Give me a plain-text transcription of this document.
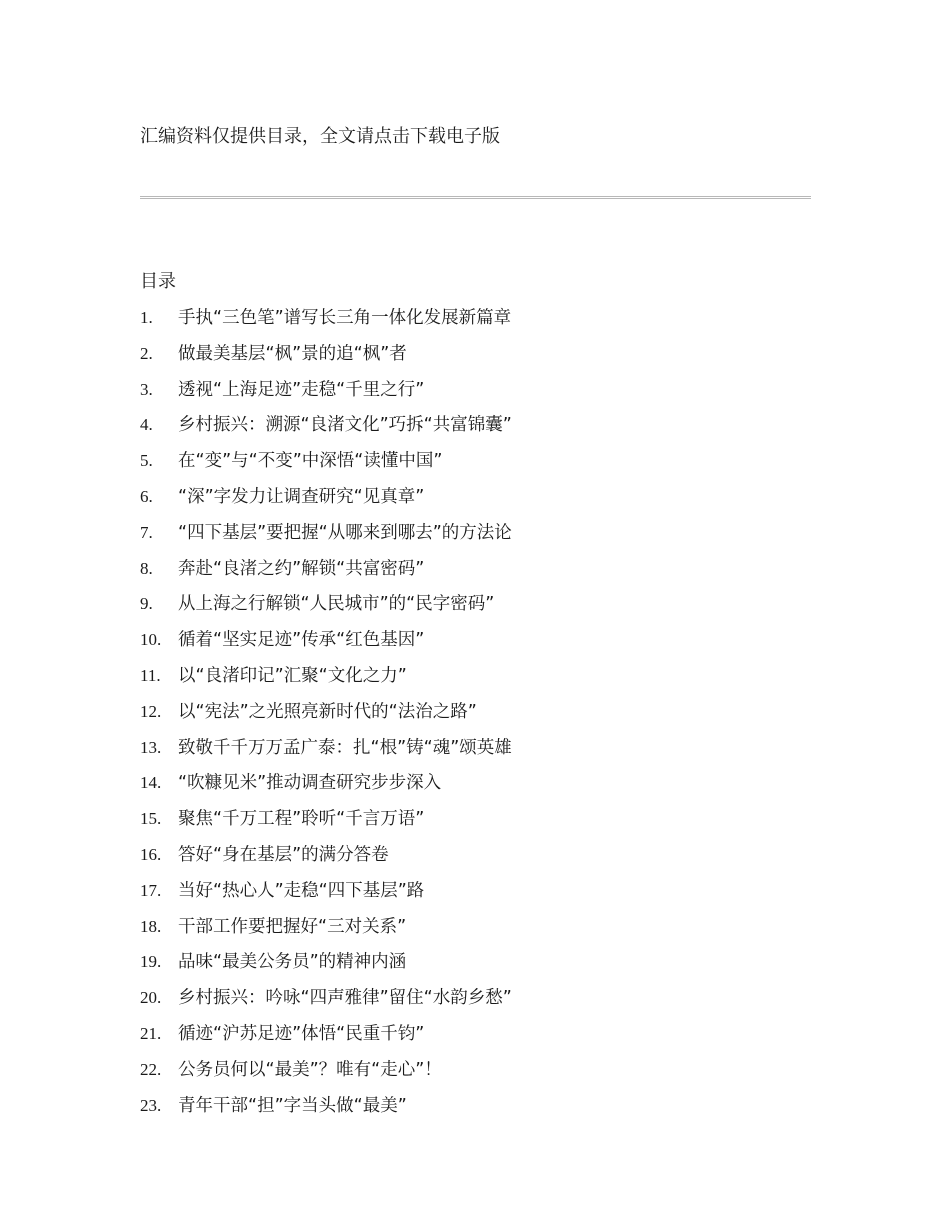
汇编资料仅提供目录，全文请点击下载电子版
目录
1.	手执“三色笔”谱写长三角一体化发展新篇章
2.	做最美基层“枫”景的追“枫”者
3.	透视“上海足迹”走稳“千里之行”
4.	乡村振兴：溯源“良渚文化”巧拆“共富锦囊”
5.	在“变”与“不变”中深悟“读懂中国”
6.	“深”字发力让调查研究“见真章”
7.	“四下基层”要把握“从哪来到哪去”的方法论
8.	奔赴“良渚之约”解锁“共富密码”
9.	从上海之行解锁“人民城市”的“民字密码”
10. 循着“坚实足迹”传承“红色基因”
11. 以“良渚印记”汇聚“文化之力”
12. 以“宪法”之光照亮新时代的“法治之路”
13. 致敬千千万万孟广泰：扎“根”铸“魂”颂英雄
14. “吹糠见米”推动调查研究步步深入
15. 聚焦“千万工程”聆听“千言万语”
16. 答好“身在基层”的满分答卷
17. 当好“热心人”走稳“四下基层”路
18. 干部工作要把握好“三对关系”
19. 品味“最美公务员”的精神内涵
20. 乡村振兴：吟咏“四声雅律”留住“水韵乡愁”
21. 循迹“沪苏足迹”体悟“民重千钧”
22. 公务员何以“最美”？唯有“走心”！
23. 青年干部“担”字当头做“最美”
